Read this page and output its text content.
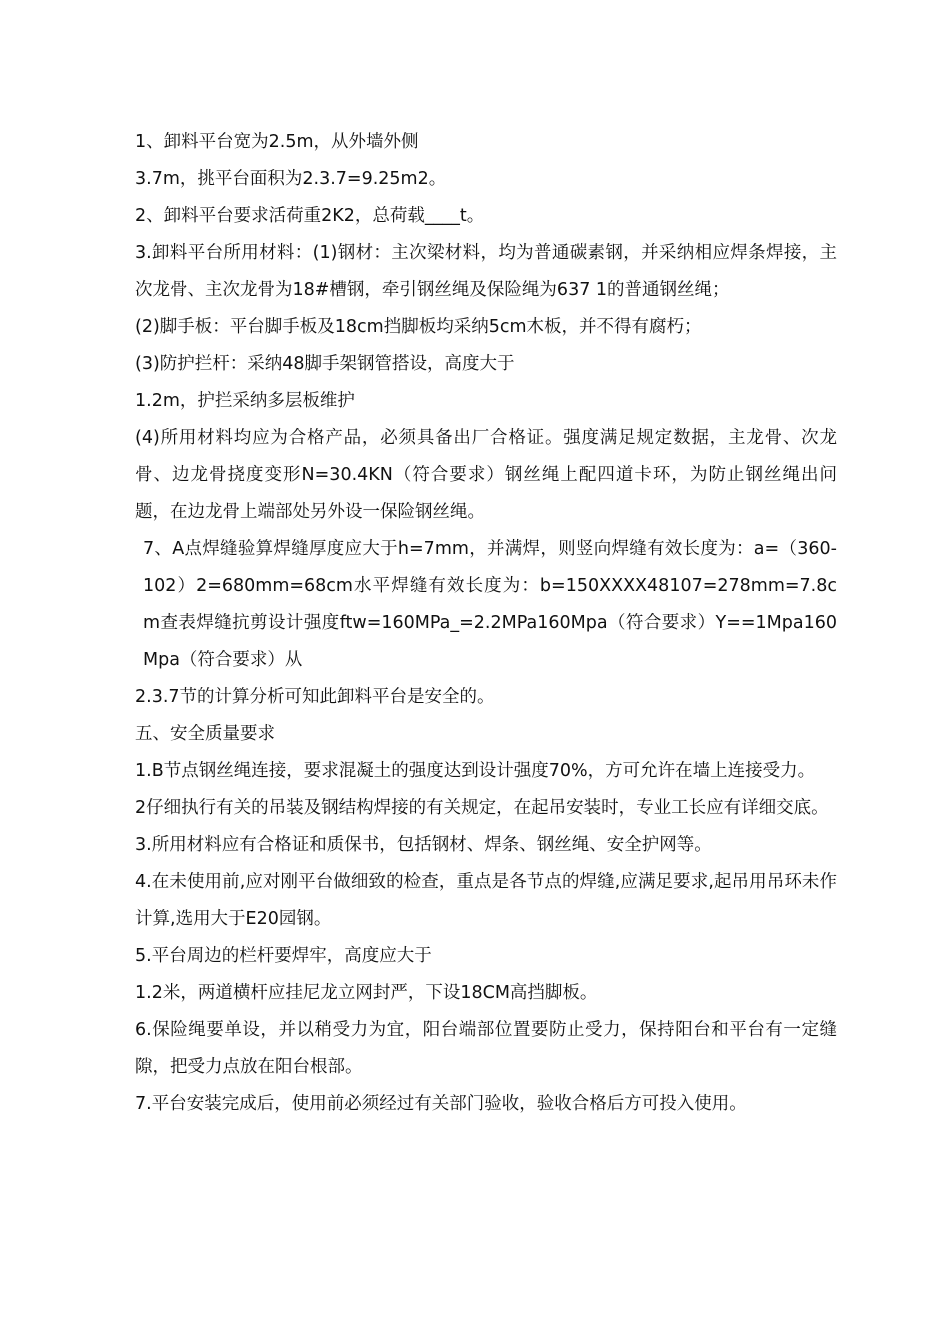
1、卸料平台宽为2.5m，从外墙外侧

3.7m，挑平台面积为2.3.7=9.25m2。

2、卸料平台要求活荷重2K2，总荷载____t。

3.卸料平台所用材料：(1)钢材：主次梁材料，均为普通碳素钢，并采纳相应焊条焊接，主次龙骨、主次龙骨为18#槽钢，牵引钢丝绳及保险绳为637 1的普通钢丝绳；

(2)脚手板：平台脚手板及18cm挡脚板均采纳5cm木板，并不得有腐朽；

(3)防护拦杆：采纳48脚手架钢管搭设，高度大于

1.2m，护拦采纳多层板维护

(4)所用材料均应为合格产品，必须具备出厂合格证。强度满足规定数据，主龙骨、次龙骨、边龙骨挠度变形N=30.4KN（符合要求）钢丝绳上配四道卡环，为防止钢丝绳出问题，在边龙骨上端部处另外设一保险钢丝绳。

7、A点焊缝验算焊缝厚度应大于h=7mm，并满焊，则竖向焊缝有效长度为：a=（360-102）2=680mm=68cm水平焊缝有效长度为：b=150XXXX48107=278mm=7.8cm查表焊缝抗剪设计强度ftw=160MPa_=2.2MPa160Mpa（符合要求）Y==1Mpa160Mpa（符合要求）从

2.3.7节的计算分析可知此卸料平台是安全的。

五、安全质量要求

1.B节点钢丝绳连接，要求混凝土的强度达到设计强度70%，方可允许在墙上连接受力。

2仔细执行有关的吊装及钢结构焊接的有关规定，在起吊安装时，专业工长应有详细交底。

3.所用材料应有合格证和质保书，包括钢材、焊条、钢丝绳、安全护网等。

4.在未使用前,应对刚平台做细致的检查，重点是各节点的焊缝,应满足要求,起吊用吊环未作计算,选用大于E20园钢。

5.平台周边的栏杆要焊牢，高度应大于

1.2米，两道横杆应挂尼龙立网封严，下设18CM高挡脚板。

6.保险绳要单设，并以稍受力为宜，阳台端部位置要防止受力，保持阳台和平台有一定缝隙，把受力点放在阳台根部。

7.平台安装完成后，使用前必须经过有关部门验收，验收合格后方可投入使用。
